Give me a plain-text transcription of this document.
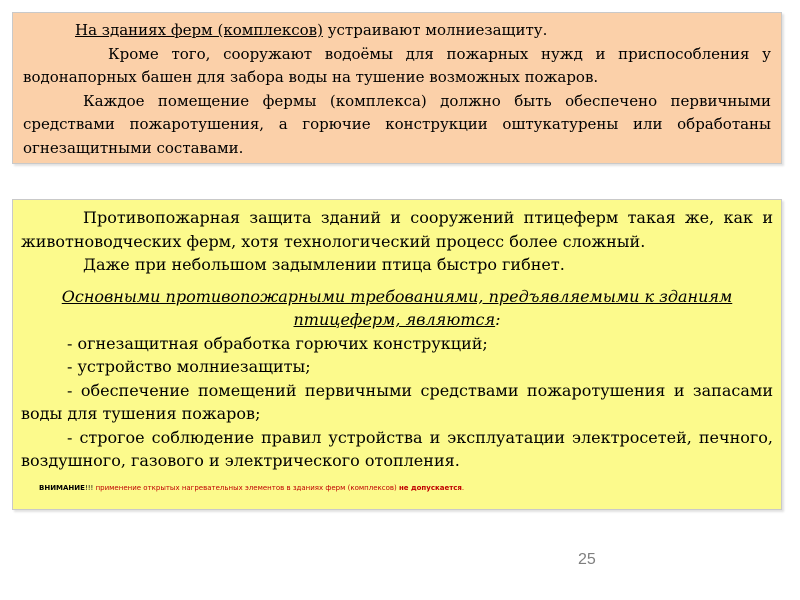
На зданиях ферм (комплексов) устраивают молниезащиту.

Кроме того, сооружают водоёмы для пожарных нужд и приспособления у водонапорных башен для забора воды на тушение возможных пожаров.

Каждое помещение фермы (комплекса) должно быть обеспечено первичными средствами пожаротушения, а горючие конструкции оштукатурены или обработаны огнезащитными составами.

Противопожарная защита зданий и сооружений птицеферм такая же, как и животноводческих ферм, хотя технологический процесс более сложный.

Даже при небольшом задымлении птица быстро гибнет.

Основными противопожарными требованиями, предъявляемыми к зданиям птицеферм, являются:

- огнезащитная обработка горючих конструкций;

- устройство молниезащиты;

- обеспечение помещений первичными средствами пожаротушения и запасами воды для тушения пожаров;

- строгое соблюдение правил устройства и эксплуатации электросетей, печного, воздушного, газового и электрического отопления.

ВНИМАНИЕ!!! применение открытых нагревательных элементов в зданиях ферм (комплексов) не допускается.

25
